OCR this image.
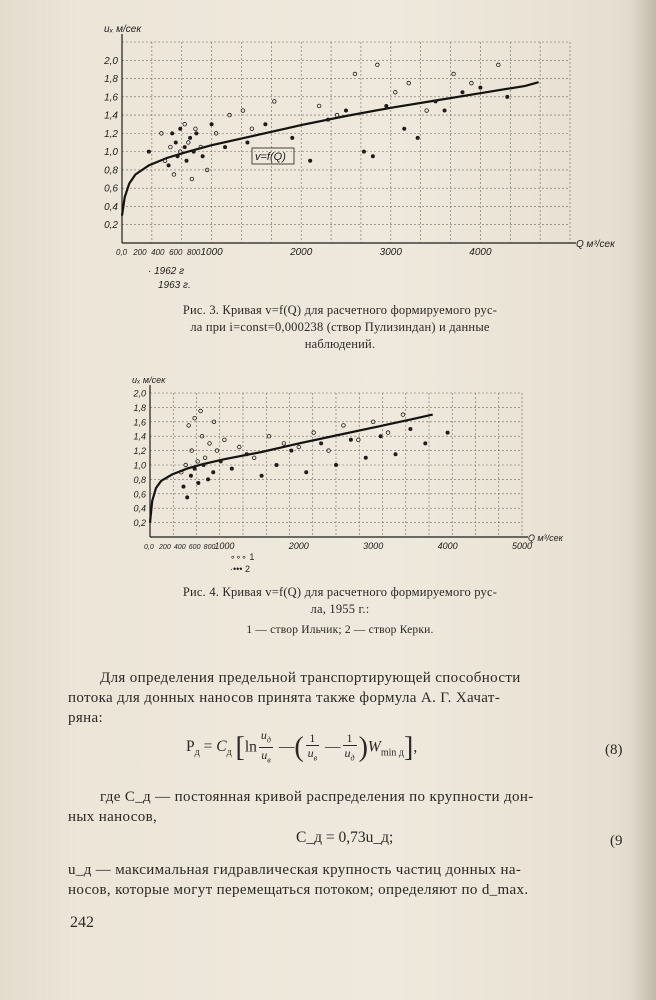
0,2
0,4
0,6
0,8
1,0
1,2
1,4
1,6
1,8
2,0
200 400 600 800 1000	2000	3000	4000
0,0
uₓ м/сек
Q м³/сек
v=f(Q)
· 1962 г
1963 г.
Рис. 3. Кривая v=f(Q) для расчетного формируемого рус-
ла при i=const=0,000238 (створ Пулизиндан) и данные
наблюдений.
0,2
0,4
0,6
0,8
1,0
1,2
1,4
1,6
1,8
2,0
200 400 600 800 1000	2000	3000	4000	5000
0,0
uₓ м/сек
Q м³/сек
∘∘∘ 1
·••• 2
Рис. 4. Кривая v=f(Q) для расчетного формируемого рус-
ла, 1955 г.:
1 — створ Ильчик; 2 — створ Керки.
Для определения предельной транспортирующей способности
потока для донных наносов принята также формула А. Г. Хачат-
ряна:
$P_д = C_д$ [$\ln \frac{u_д}{u_в}$ —( $\frac{1}{u_в}$ — $\frac{1}{u_д} )W_{min д}$],	(8)
где C_д — постоянная кривой распределения по крупности дон-
ных наносов,
C_д = 0,73u_д;	(9
u_д — максимальная гидравлическая крупность частиц донных на-
носов, которые могут перемещаться потоком; определяют по d_max.
242
